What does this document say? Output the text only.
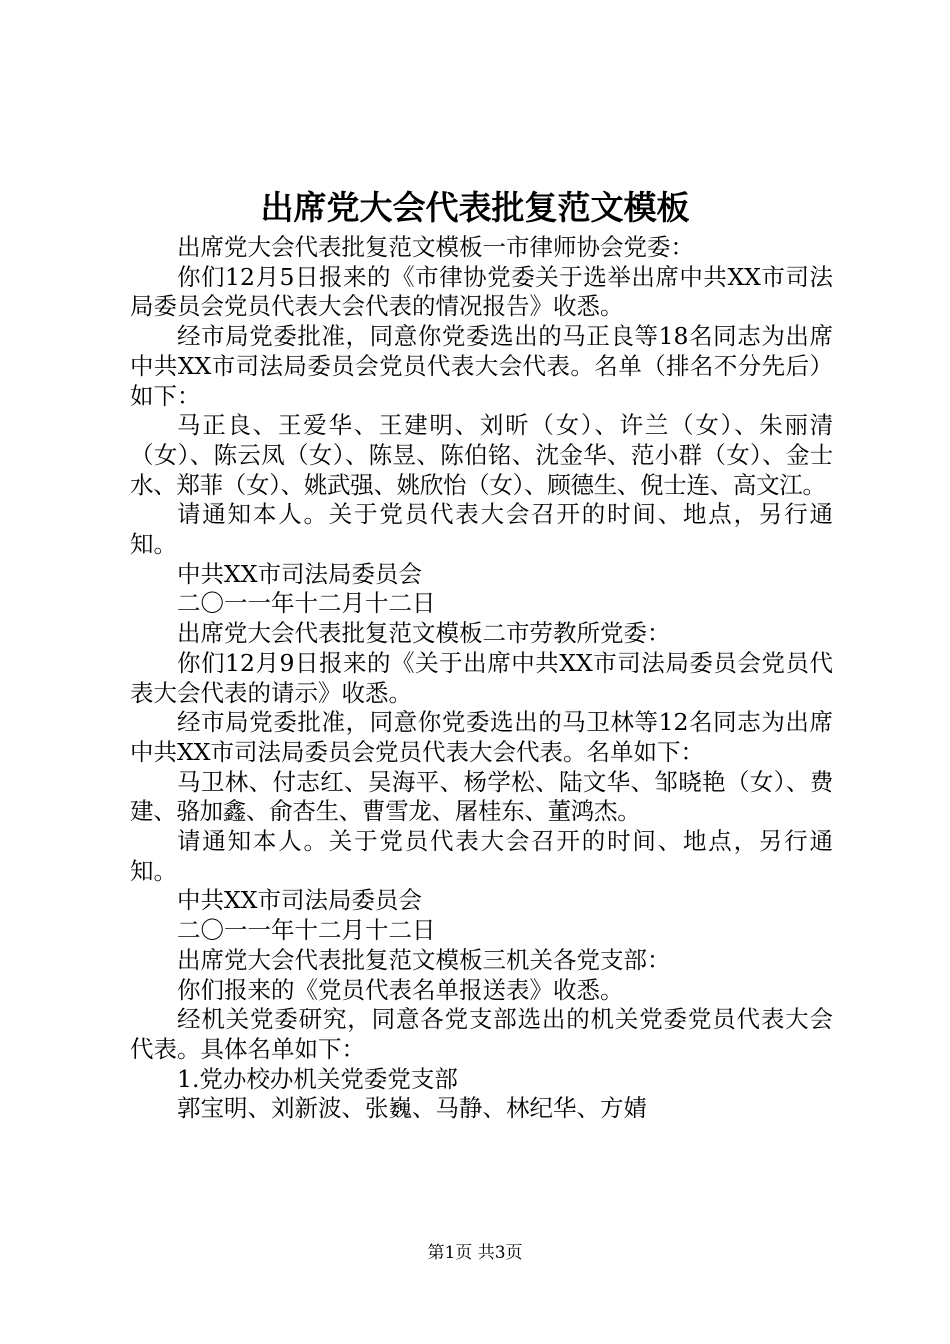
出席党大会代表批复范文模板

出席党大会代表批复范文模板一市律师协会党委：

你们12月5日报来的《市律协党委关于选举出席中共XX市司法局委员会党员代表大会代表的情况报告》收悉。

经市局党委批准，同意你党委选出的马正良等18名同志为出席中共XX市司法局委员会党员代表大会代表。名单（排名不分先后）如下：

马正良、王爱华、王建明、刘昕（女）、许兰（女）、朱丽清（女）、陈云凤（女）、陈昱、陈伯铭、沈金华、范小群（女）、金士水、郑菲（女）、姚武强、姚欣怡（女）、顾德生、倪士连、高文江。

请通知本人。关于党员代表大会召开的时间、地点，另行通知。

中共XX市司法局委员会

二〇一一年十二月十二日

出席党大会代表批复范文模板二市劳教所党委：

你们12月9日报来的《关于出席中共XX市司法局委员会党员代表大会代表的请示》收悉。

经市局党委批准，同意你党委选出的马卫林等12名同志为出席中共XX市司法局委员会党员代表大会代表。名单如下：

马卫林、付志红、吴海平、杨学松、陆文华、邹晓艳（女）、费建、骆加鑫、俞杏生、曹雪龙、屠桂东、董鸿杰。

请通知本人。关于党员代表大会召开的时间、地点，另行通知。

中共XX市司法局委员会

二〇一一年十二月十二日

出席党大会代表批复范文模板三机关各党支部：

你们报来的《党员代表名单报送表》收悉。

经机关党委研究，同意各党支部选出的机关党委党员代表大会代表。具体名单如下：

1.党办校办机关党委党支部

郭宝明、刘新波、张巍、马静、林纪华、方婧

第1页 共3页
